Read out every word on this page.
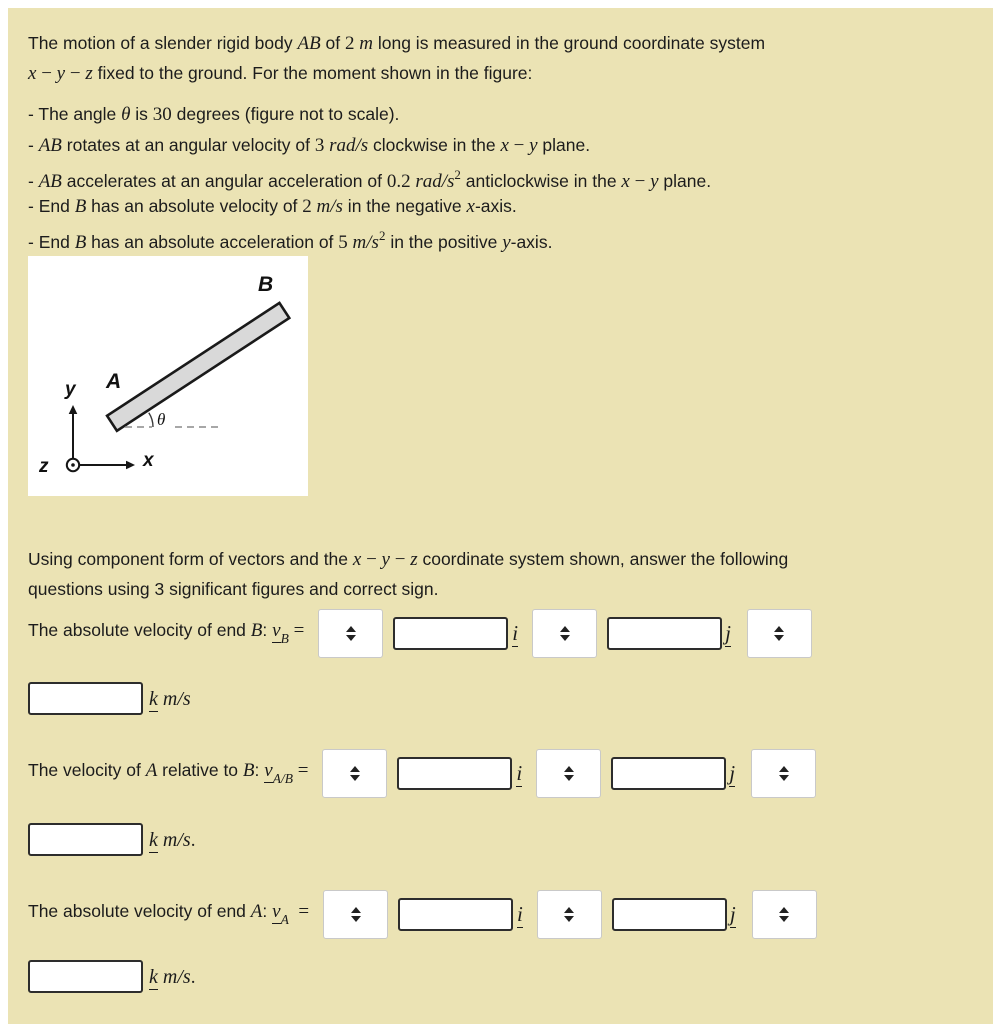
The motion of a slender rigid body AB of 2 m long is measured in the ground coordinate system
x − y − z fixed to the ground. For the moment shown in the figure:
- The angle θ is 30 degrees (figure not to scale).
- AB rotates at an angular velocity of 3 rad/s clockwise in the x − y plane.
- AB accelerates at an angular acceleration of 0.2 rad/$s^2$ anticlockwise in the x − y plane.
- End B has an absolute velocity of 2 m/s in the negative x-axis.
- End B has an absolute acceleration of 5 $m/s^2$ in the positive y-axis.
B
A
y
x
z
θ
Using component form of vectors and the x − y − z coordinate system shown, answer the following
questions using 3 significant figures and correct sign.
The absolute velocity of end B: $v_B$ =	i	j
k m/s
The velocity of A relative to B: $v_{A/B}$ =	i	j
k m/s.
The absolute velocity of end A: $v_A$  =	i	j
k m/s.
